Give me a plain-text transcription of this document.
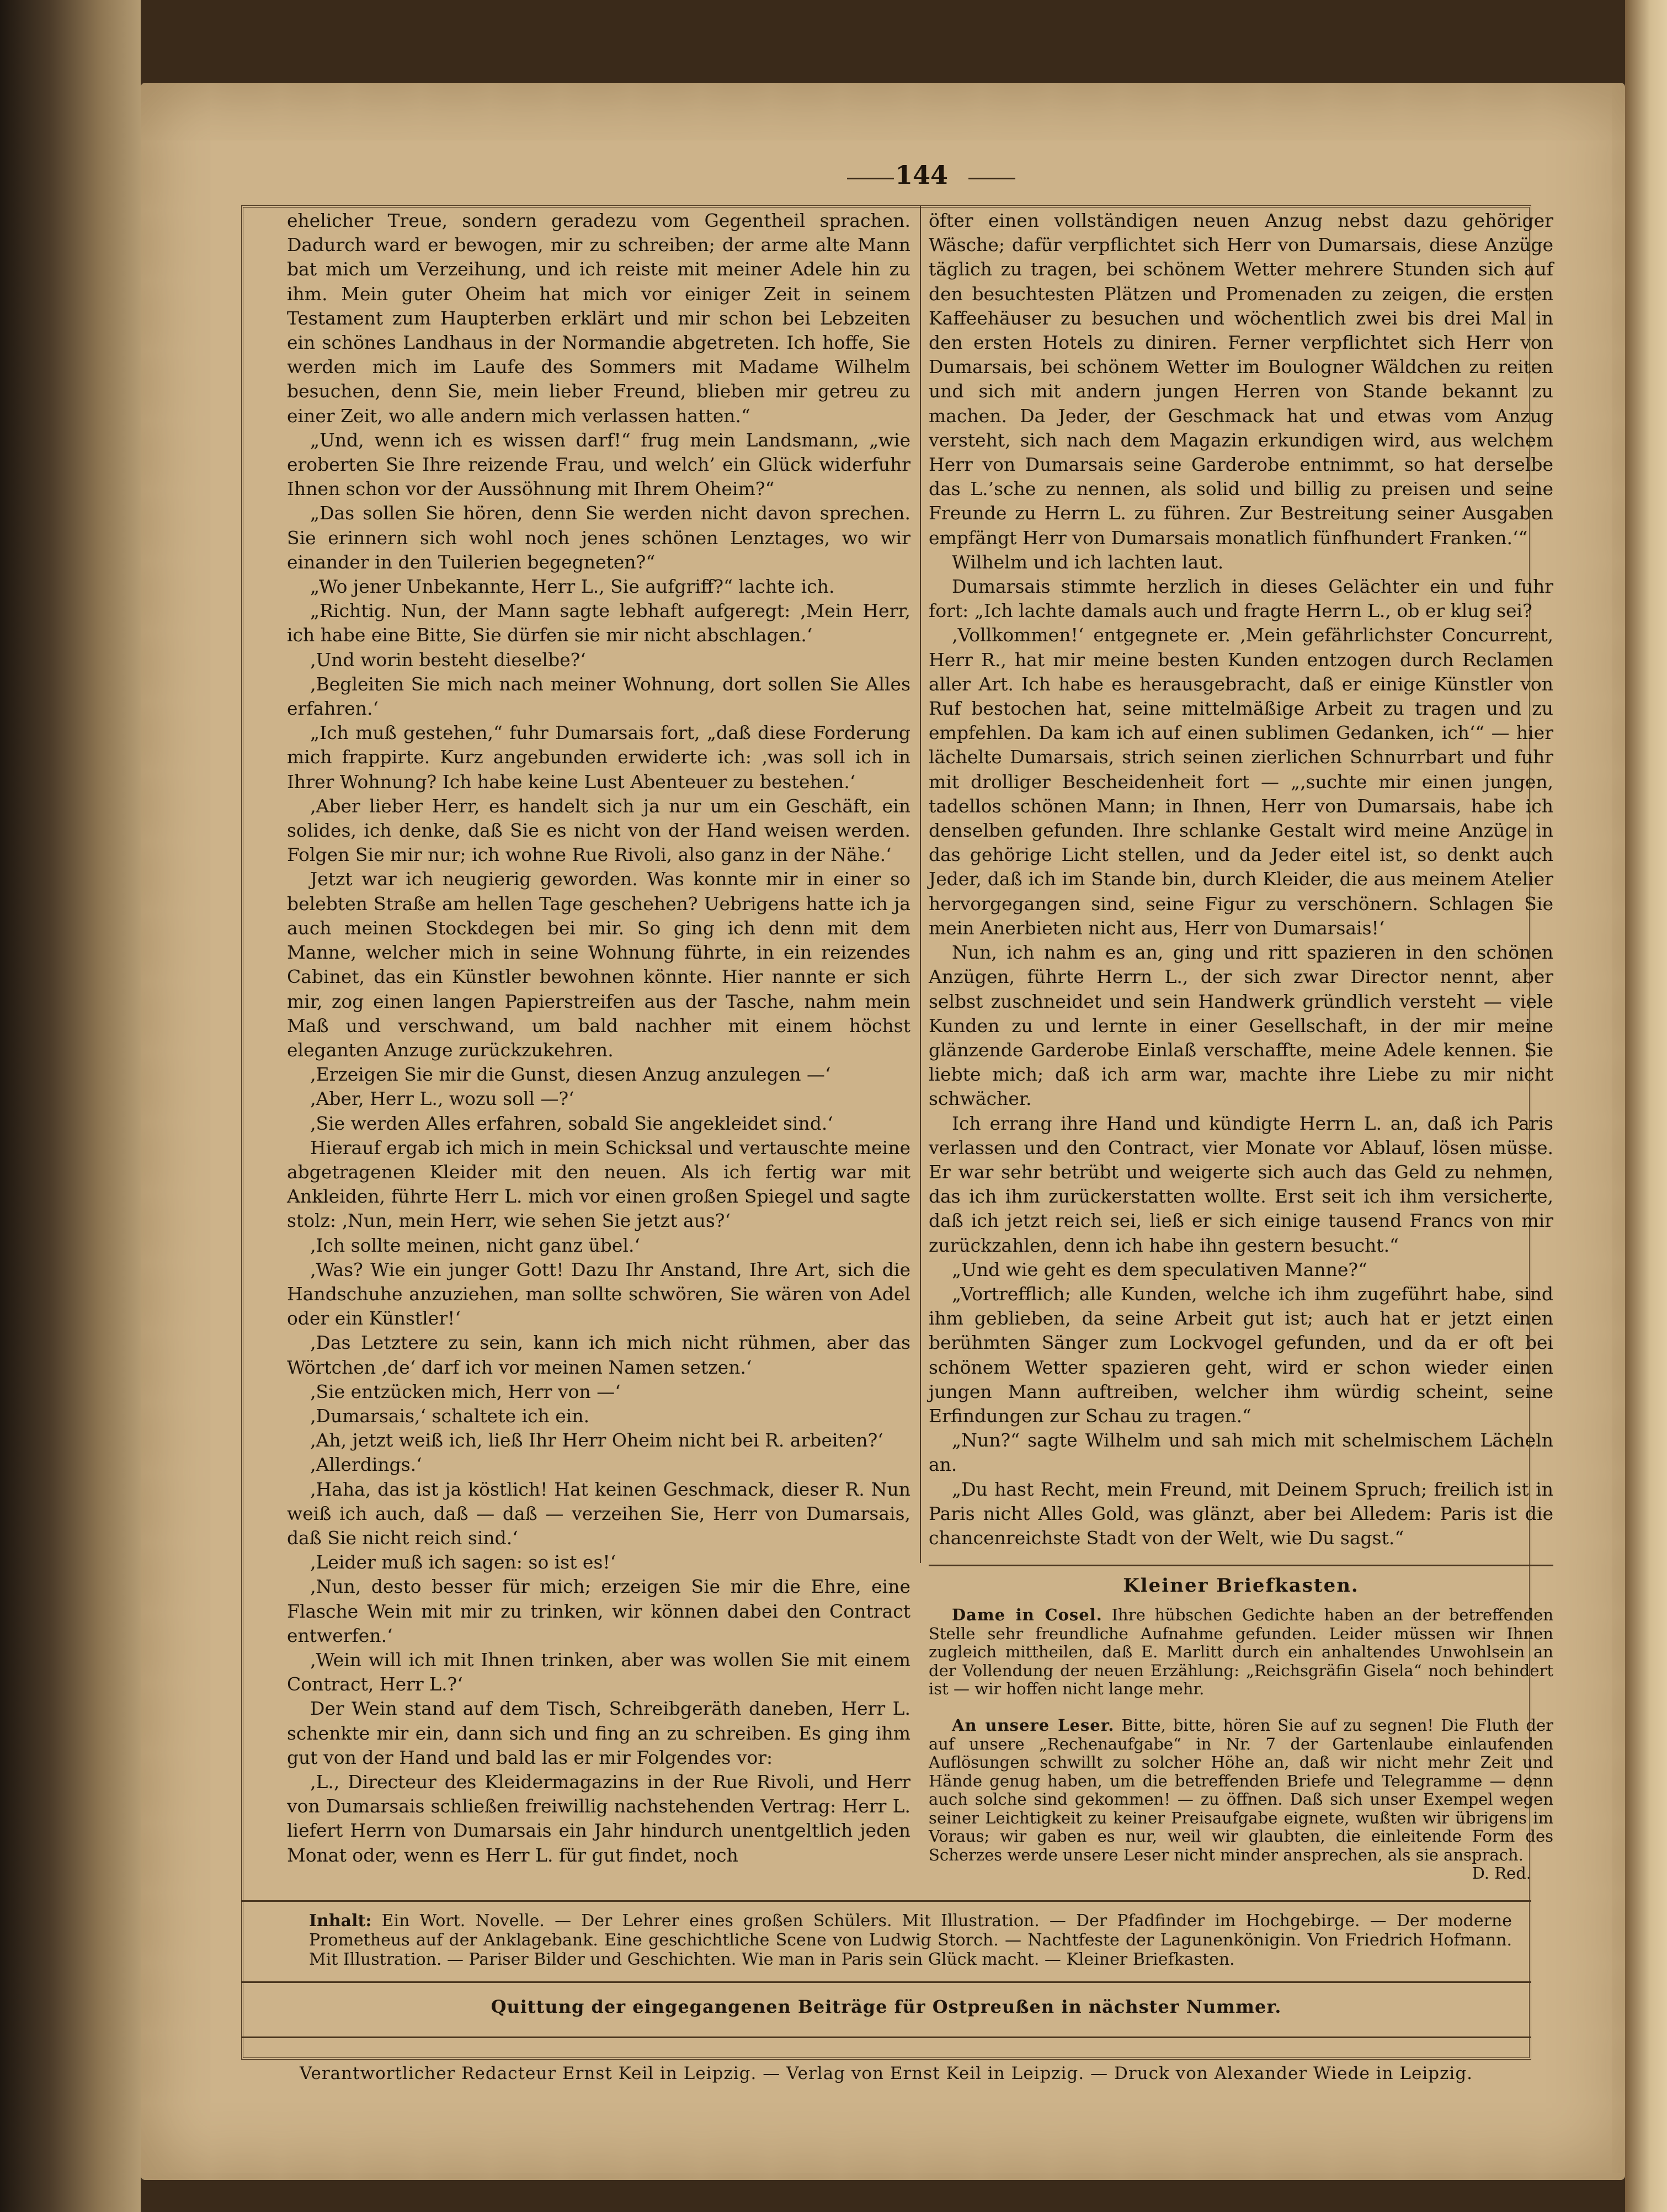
144

ehelicher Treue, sondern geradezu vom Gegentheil sprachen. Dadurch ward er bewogen, mir zu schreiben; der arme alte Mann bat mich um Verzeihung, und ich reiste mit meiner Adele hin zu ihm. Mein guter Oheim hat mich vor einiger Zeit in seinem Testament zum Haupterben erklärt und mir schon bei Lebzeiten ein schönes Landhaus in der Normandie abgetreten. Ich hoffe, Sie werden mich im Laufe des Sommers mit Madame Wilhelm besuchen, denn Sie, mein lieber Freund, blieben mir getreu zu einer Zeit, wo alle andern mich verlassen hatten.“

„Und, wenn ich es wissen darf!“ frug mein Landsmann, „wie eroberten Sie Ihre reizende Frau, und welch’ ein Glück widerfuhr Ihnen schon vor der Aussöhnung mit Ihrem Oheim?“

„Das sollen Sie hören, denn Sie werden nicht davon sprechen. Sie erinnern sich wohl noch jenes schönen Lenztages, wo wir einander in den Tuilerien begegneten?“

„Wo jener Unbekannte, Herr L., Sie aufgriff?“ lachte ich.

„Richtig. Nun, der Mann sagte lebhaft aufgeregt: ‚Mein Herr, ich habe eine Bitte, Sie dürfen sie mir nicht abschlagen.‘

‚Und worin besteht dieselbe?‘

‚Begleiten Sie mich nach meiner Wohnung, dort sollen Sie Alles erfahren.‘

„Ich muß gestehen,“ fuhr Dumarsais fort, „daß diese Forderung mich frappirte. Kurz angebunden erwiderte ich: ‚was soll ich in Ihrer Wohnung? Ich habe keine Lust Abenteuer zu bestehen.‘

‚Aber lieber Herr, es handelt sich ja nur um ein Geschäft, ein solides, ich denke, daß Sie es nicht von der Hand weisen werden. Folgen Sie mir nur; ich wohne Rue Rivoli, also ganz in der Nähe.‘

Jetzt war ich neugierig geworden. Was konnte mir in einer so belebten Straße am hellen Tage geschehen? Uebrigens hatte ich ja auch meinen Stockdegen bei mir. So ging ich denn mit dem Manne, welcher mich in seine Wohnung führte, in ein reizendes Cabinet, das ein Künstler bewohnen könnte. Hier nannte er sich mir, zog einen langen Papierstreifen aus der Tasche, nahm mein Maß und verschwand, um bald nachher mit einem höchst eleganten Anzuge zurückzukehren.

‚Erzeigen Sie mir die Gunst, diesen Anzug anzulegen —‘

‚Aber, Herr L., wozu soll —?‘

‚Sie werden Alles erfahren, sobald Sie angekleidet sind.‘

Hierauf ergab ich mich in mein Schicksal und vertauschte meine abgetragenen Kleider mit den neuen. Als ich fertig war mit Ankleiden, führte Herr L. mich vor einen großen Spiegel und sagte stolz: ‚Nun, mein Herr, wie sehen Sie jetzt aus?‘

‚Ich sollte meinen, nicht ganz übel.‘

‚Was? Wie ein junger Gott! Dazu Ihr Anstand, Ihre Art, sich die Handschuhe anzuziehen, man sollte schwören, Sie wären von Adel oder ein Künstler!‘

‚Das Letztere zu sein, kann ich mich nicht rühmen, aber das Wörtchen ‚de‘ darf ich vor meinen Namen setzen.‘

‚Sie entzücken mich, Herr von —‘

‚Dumarsais,‘ schaltete ich ein.

‚Ah, jetzt weiß ich, ließ Ihr Herr Oheim nicht bei R. arbeiten?‘

‚Allerdings.‘

‚Haha, das ist ja köstlich! Hat keinen Geschmack, dieser R. Nun weiß ich auch, daß — daß — verzeihen Sie, Herr von Dumarsais, daß Sie nicht reich sind.‘

‚Leider muß ich sagen: so ist es!‘

‚Nun, desto besser für mich; erzeigen Sie mir die Ehre, eine Flasche Wein mit mir zu trinken, wir können dabei den Contract entwerfen.‘

‚Wein will ich mit Ihnen trinken, aber was wollen Sie mit einem Contract, Herr L.?‘

Der Wein stand auf dem Tisch, Schreibgeräth daneben, Herr L. schenkte mir ein, dann sich und fing an zu schreiben. Es ging ihm gut von der Hand und bald las er mir Folgendes vor:

‚L., Directeur des Kleidermagazins in der Rue Rivoli, und Herr von Dumarsais schließen freiwillig nachstehenden Vertrag: Herr L. liefert Herrn von Dumarsais ein Jahr hindurch unentgeltlich jeden Monat oder, wenn es Herr L. für gut findet, noch

öfter einen vollständigen neuen Anzug nebst dazu gehöriger Wäsche; dafür verpflichtet sich Herr von Dumarsais, diese Anzüge täglich zu tragen, bei schönem Wetter mehrere Stunden sich auf den besuchtesten Plätzen und Promenaden zu zeigen, die ersten Kaffeehäuser zu besuchen und wöchentlich zwei bis drei Mal in den ersten Hotels zu diniren. Ferner verpflichtet sich Herr von Dumarsais, bei schönem Wetter im Boulogner Wäldchen zu reiten und sich mit andern jungen Herren von Stande bekannt zu machen. Da Jeder, der Geschmack hat und etwas vom Anzug versteht, sich nach dem Magazin erkundigen wird, aus welchem Herr von Dumarsais seine Garderobe entnimmt, so hat derselbe das L.’sche zu nennen, als solid und billig zu preisen und seine Freunde zu Herrn L. zu führen. Zur Bestreitung seiner Ausgaben empfängt Herr von Dumarsais monatlich fünfhundert Franken.‘“

Wilhelm und ich lachten laut.

Dumarsais stimmte herzlich in dieses Gelächter ein und fuhr fort: „Ich lachte damals auch und fragte Herrn L., ob er klug sei?

‚Vollkommen!‘ entgegnete er. ‚Mein gefährlichster Concurrent, Herr R., hat mir meine besten Kunden entzogen durch Reclamen aller Art. Ich habe es herausgebracht, daß er einige Künstler von Ruf bestochen hat, seine mittelmäßige Arbeit zu tragen und zu empfehlen. Da kam ich auf einen sublimen Gedanken, ich‘“ — hier lächelte Dumarsais, strich seinen zierlichen Schnurrbart und fuhr mit drolliger Bescheidenheit fort — „‚suchte mir einen jungen, tadellos schönen Mann; in Ihnen, Herr von Dumarsais, habe ich denselben gefunden. Ihre schlanke Gestalt wird meine Anzüge in das gehörige Licht stellen, und da Jeder eitel ist, so denkt auch Jeder, daß ich im Stande bin, durch Kleider, die aus meinem Atelier hervorgegangen sind, seine Figur zu verschönern. Schlagen Sie mein Anerbieten nicht aus, Herr von Dumarsais!‘

Nun, ich nahm es an, ging und ritt spazieren in den schönen Anzügen, führte Herrn L., der sich zwar Director nennt, aber selbst zuschneidet und sein Handwerk gründlich versteht — viele Kunden zu und lernte in einer Gesellschaft, in der mir meine glänzende Garderobe Einlaß verschaffte, meine Adele kennen. Sie liebte mich; daß ich arm war, machte ihre Liebe zu mir nicht schwächer.

Ich errang ihre Hand und kündigte Herrn L. an, daß ich Paris verlassen und den Contract, vier Monate vor Ablauf, lösen müsse. Er war sehr betrübt und weigerte sich auch das Geld zu nehmen, das ich ihm zurückerstatten wollte. Erst seit ich ihm versicherte, daß ich jetzt reich sei, ließ er sich einige tausend Francs von mir zurückzahlen, denn ich habe ihn gestern besucht.“

„Und wie geht es dem speculativen Manne?“

„Vortrefflich; alle Kunden, welche ich ihm zugeführt habe, sind ihm geblieben, da seine Arbeit gut ist; auch hat er jetzt einen berühmten Sänger zum Lockvogel gefunden, und da er oft bei schönem Wetter spazieren geht, wird er schon wieder einen jungen Mann auftreiben, welcher ihm würdig scheint, seine Erfindungen zur Schau zu tragen.“

„Nun?“ sagte Wilhelm und sah mich mit schelmischem Lächeln an.

„Du hast Recht, mein Freund, mit Deinem Spruch; freilich ist in Paris nicht Alles Gold, was glänzt, aber bei Alledem: Paris ist die chancenreichste Stadt von der Welt, wie Du sagst.“

Kleiner Briefkasten.

Dame in Cosel. Ihre hübschen Gedichte haben an der betreffenden Stelle sehr freundliche Aufnahme gefunden. Leider müssen wir Ihnen zugleich mittheilen, daß E. Marlitt durch ein anhaltendes Unwohlsein an der Vollendung der neuen Erzählung: „Reichsgräfin Gisela“ noch behindert ist — wir hoffen nicht lange mehr.

An unsere Leser. Bitte, bitte, hören Sie auf zu segnen! Die Fluth der auf unsere „Rechenaufgabe“ in Nr. 7 der Gartenlaube einlaufenden Auflösungen schwillt zu solcher Höhe an, daß wir nicht mehr Zeit und Hände genug haben, um die betreffenden Briefe und Telegramme — denn auch solche sind gekommen! — zu öffnen. Daß sich unser Exempel wegen seiner Leichtigkeit zu keiner Preisaufgabe eignete, wußten wir übrigens im Voraus; wir gaben es nur, weil wir glaubten, die einleitende Form des Scherzes werde unsere Leser nicht minder ansprechen, als sie ansprach.
D. Red.

Inhalt: Ein Wort. Novelle. — Der Lehrer eines großen Schülers. Mit Illustration. — Der Pfadfinder im Hochgebirge. — Der moderne Prometheus auf der Anklagebank. Eine geschichtliche Scene von Ludwig Storch. — Nachtfeste der Lagunenkönigin. Von Friedrich Hofmann. Mit Illustration. — Pariser Bilder und Geschichten. Wie man in Paris sein Glück macht. — Kleiner Briefkasten.
Quittung der eingegangenen Beiträge für Ostpreußen in nächster Nummer.
Verantwortlicher Redacteur Ernst Keil in Leipzig. — Verlag von Ernst Keil in Leipzig. — Druck von Alexander Wiede in Leipzig.
